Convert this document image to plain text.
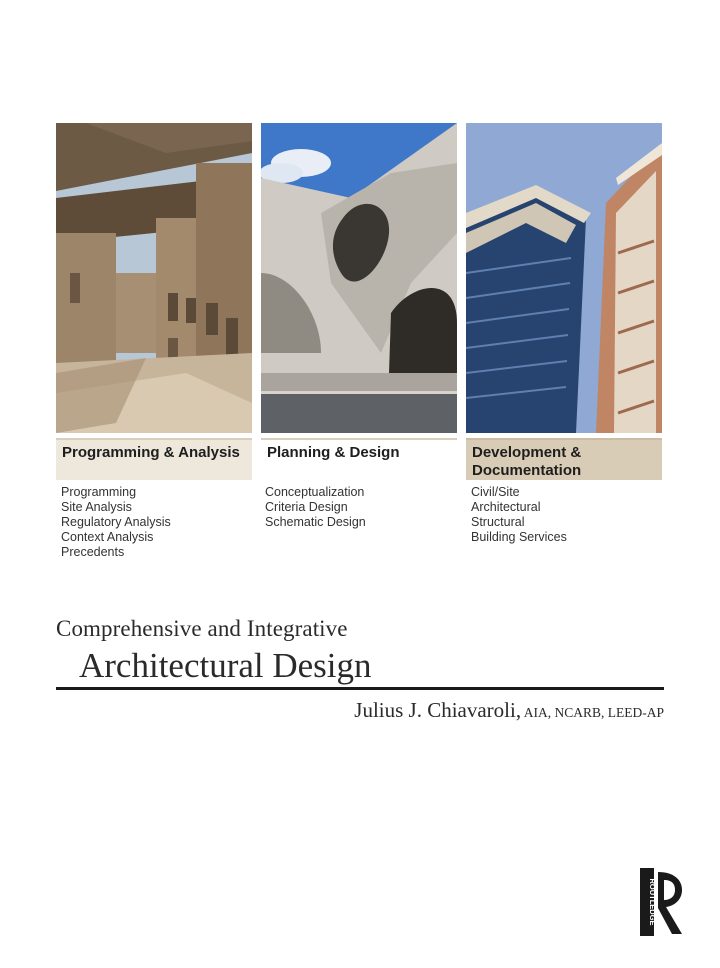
Programming & Analysis	Planning & Design	Development & Documentation
Programming
Site Analysis
Regulatory Analysis
Context Analysis
Precedents
Conceptualization
Criteria Design
Schematic Design
Civil/Site
Architectural
Structural
Building Services
Comprehensive and Integrative
Architectural Design
Julius J. Chiavaroli, AIA, NCARB, LEED-AP
ROUTLEDGE
